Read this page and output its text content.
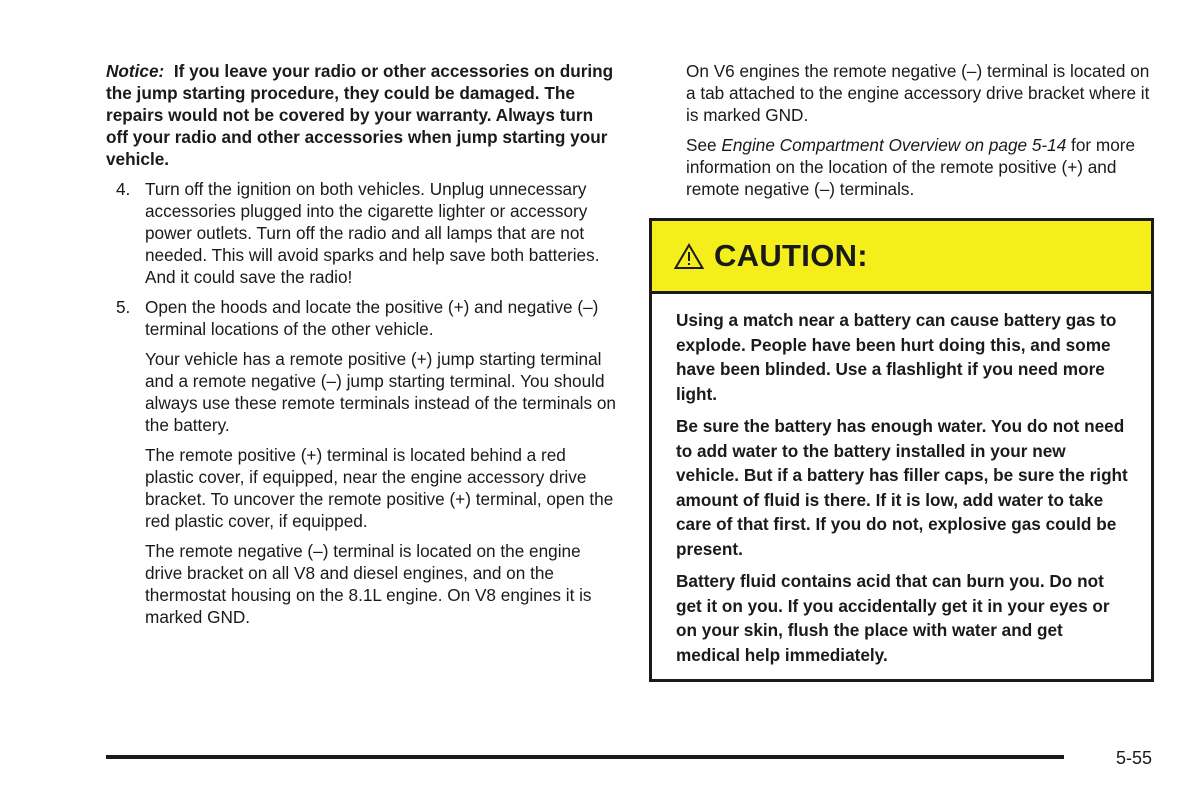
Notice: If you leave your radio or other accessories on during the jump starting procedure, they could be damaged. The repairs would not be covered by your warranty. Always turn off your radio and other accessories when jump starting your vehicle.

4. Turn off the ignition on both vehicles. Unplug unnecessary accessories plugged into the cigarette lighter or accessory power outlets. Turn off the radio and all lamps that are not needed. This will avoid sparks and help save both batteries. And it could save the radio!

5. Open the hoods and locate the positive (+) and negative (–) terminal locations of the other vehicle.

Your vehicle has a remote positive (+) jump starting terminal and a remote negative (–) jump starting terminal. You should always use these remote terminals instead of the terminals on the battery.

The remote positive (+) terminal is located behind a red plastic cover, if equipped, near the engine accessory drive bracket. To uncover the remote positive (+) terminal, open the red plastic cover, if equipped.

The remote negative (–) terminal is located on the engine drive bracket on all V8 and diesel engines, and on the thermostat housing on the 8.1L engine. On V8 engines it is marked GND.

On V6 engines the remote negative (–) terminal is located on a tab attached to the engine accessory drive bracket where it is marked GND.

See Engine Compartment Overview on page 5-14 for more information on the location of the remote positive (+) and remote negative (–) terminals.

CAUTION:

Using a match near a battery can cause battery gas to explode. People have been hurt doing this, and some have been blinded. Use a flashlight if you need more light.

Be sure the battery has enough water. You do not need to add water to the battery installed in your new vehicle. But if a battery has filler caps, be sure the right amount of fluid is there. If it is low, add water to take care of that first. If you do not, explosive gas could be present.

Battery fluid contains acid that can burn you. Do not get it on you. If you accidentally get it in your eyes or on your skin, flush the place with water and get medical help immediately.

5-55
